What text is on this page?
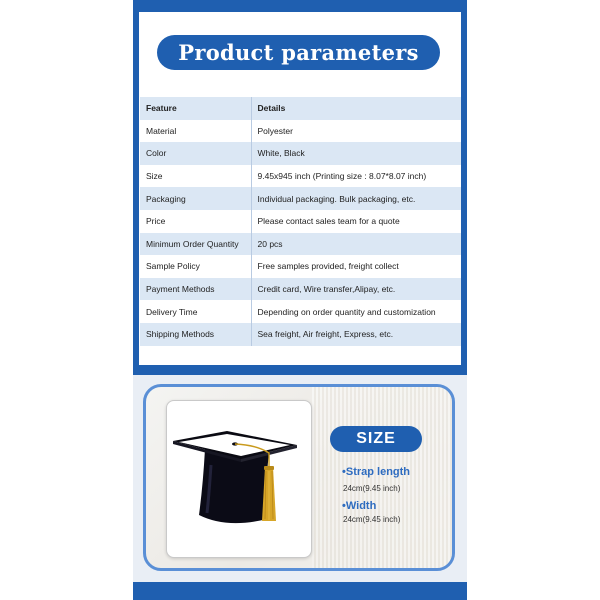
Product parameters
Feature	Details
Material	Polyester
Color	White, Black
Size	9.45x945 inch (Printing size : 8.07*8.07 inch)
Packaging	Individual packaging. Bulk packaging, etc.
Price	Please contact sales team for a quote
Minimum Order Quantity	20 pcs
Sample Policy	Free samples provided, freight collect
Payment Methods	Credit card, Wire transfer,Alipay, etc.
Delivery Time	Depending on order quantity and customization
Shipping Methods	Sea freight, Air freight, Express, etc.
SIZE
•Strap length
24cm(9.45 inch)
•Width
24cm(9.45 inch)
